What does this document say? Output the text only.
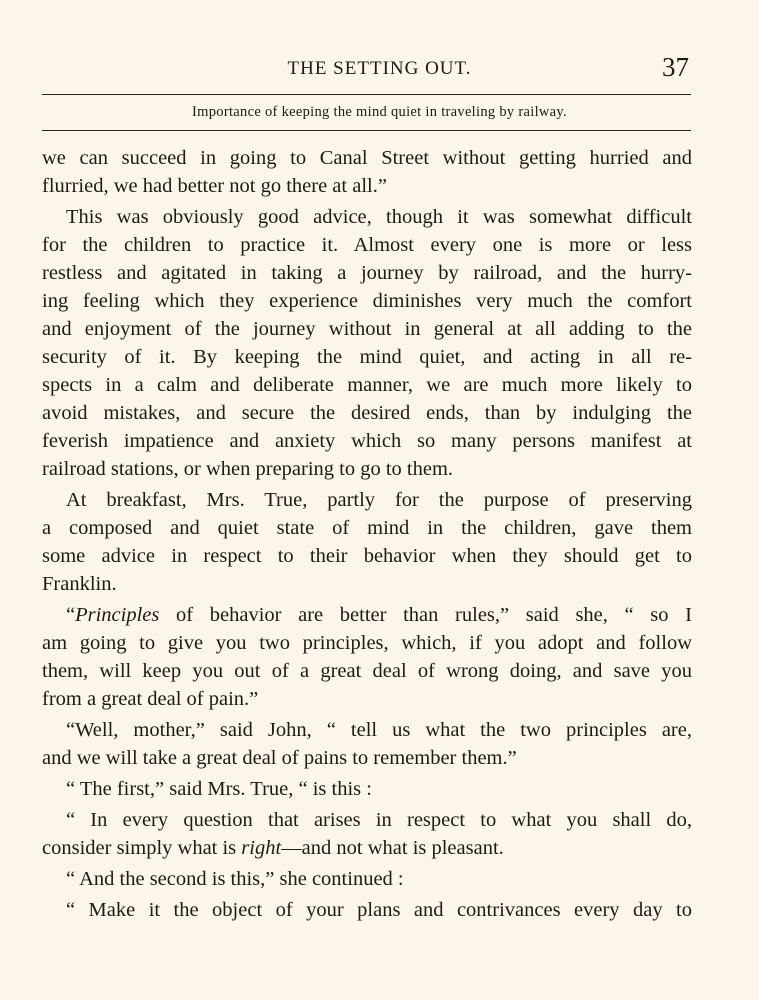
THE SETTING OUT.	37
Importance of keeping the mind quiet in traveling by railway.
we can succeed in going to Canal Street without getting hurried and
flurried, we had better not go there at all.”
This was obviously good advice, though it was somewhat difficult
for the children to practice it. Almost every one is more or less
restless and agitated in taking a journey by railroad, and the hurry-
ing feeling which they experience diminishes very much the comfort
and enjoyment of the journey without in general at all adding to the
security of it. By keeping the mind quiet, and acting in all re-
spects in a calm and deliberate manner, we are much more likely to
avoid mistakes, and secure the desired ends, than by indulging the
feverish impatience and anxiety which so many persons manifest at
railroad stations, or when preparing to go to them.
At breakfast, Mrs. True, partly for the purpose of preserving
a composed and quiet state of mind in the children, gave them
some advice in respect to their behavior when they should get to
Franklin.
“Principles of behavior are better than rules,” said she, “ so I
am going to give you two principles, which, if you adopt and follow
them, will keep you out of a great deal of wrong doing, and save you
from a great deal of pain.”
“Well, mother,” said John, “ tell us what the two principles are,
and we will take a great deal of pains to remember them.”
“ The first,” said Mrs. True, “ is this :
“ In every question that arises in respect to what you shall do,
consider simply what is right—and not what is pleasant.
“ And the second is this,” she continued :
“ Make it the object of your plans and contrivances every day to
